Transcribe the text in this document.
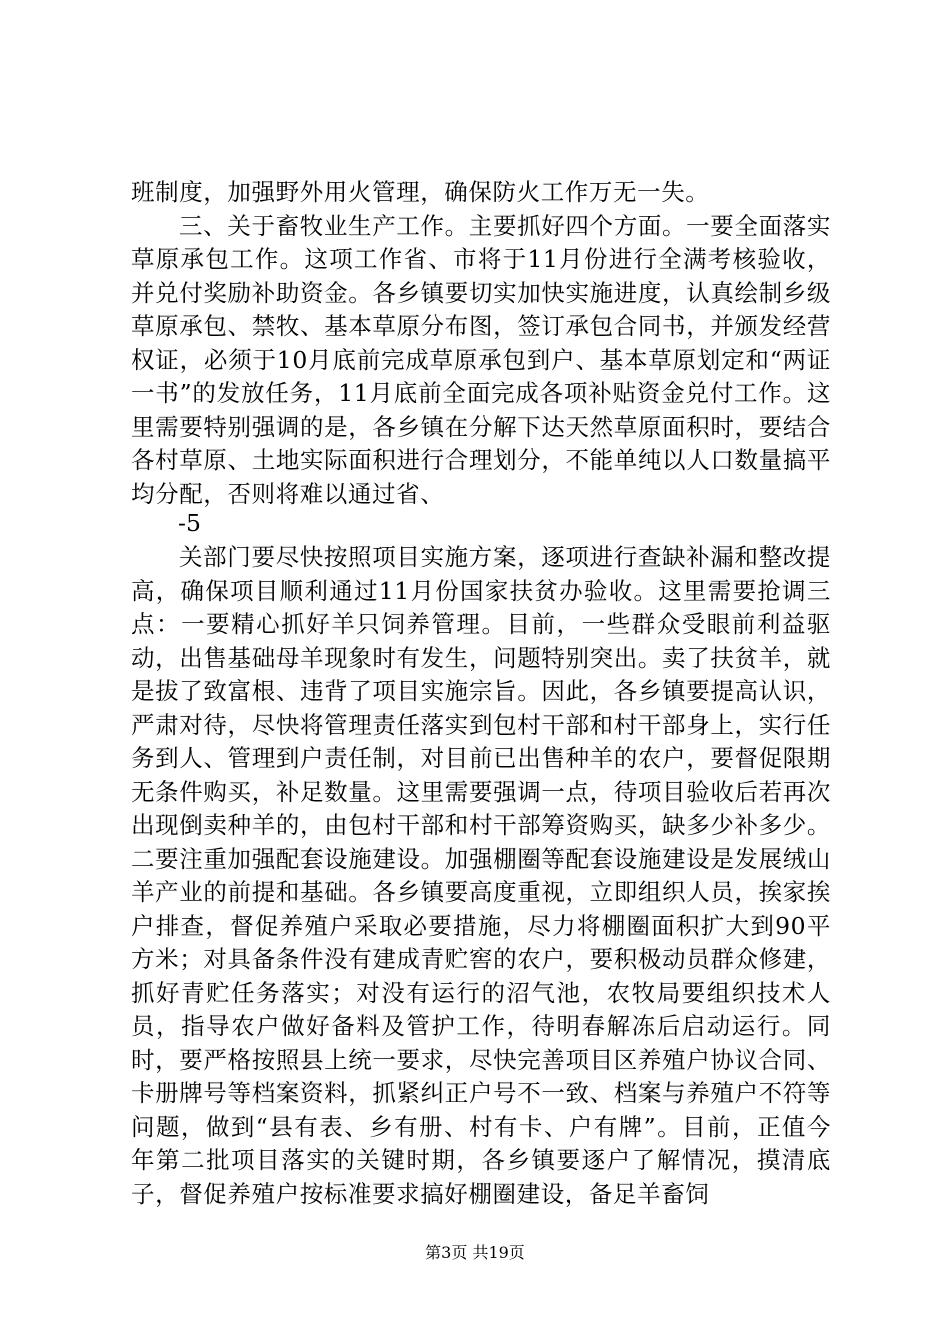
班制度，加强野外用火管理，确保防火工作万无一失。

三、关于畜牧业生产工作。主要抓好四个方面。一要全面落实草原承包工作。这项工作省、市将于11月份进行全满考核验收，并兑付奖励补助资金。各乡镇要切实加快实施进度，认真绘制乡级草原承包、禁牧、基本草原分布图，签订承包合同书，并颁发经营权证，必须于10月底前完成草原承包到户、基本草原划定和“两证一书”的发放任务，11月底前全面完成各项补贴资金兑付工作。这里需要特别强调的是，各乡镇在分解下达天然草原面积时，要结合各村草原、土地实际面积进行合理划分，不能单纯以人口数量搞平均分配，否则将难以通过省、

-5

关部门要尽快按照项目实施方案，逐项进行查缺补漏和整改提高，确保项目顺利通过11月份国家扶贫办验收。这里需要抢调三点：一要精心抓好羊只饲养管理。目前，一些群众受眼前利益驱动，出售基础母羊现象时有发生，问题特别突出。卖了扶贫羊，就是拔了致富根、违背了项目实施宗旨。因此，各乡镇要提高认识，严肃对待，尽快将管理责任落实到包村干部和村干部身上，实行任务到人、管理到户责任制，对目前已出售种羊的农户，要督促限期无条件购买，补足数量。这里需要强调一点，待项目验收后若再次出现倒卖种羊的，由包村干部和村干部筹资购买，缺多少补多少。二要注重加强配套设施建设。加强棚圈等配套设施建设是发展绒山羊产业的前提和基础。各乡镇要高度重视，立即组织人员，挨家挨户排查，督促养殖户采取必要措施，尽力将棚圈面积扩大到90平方米；对具备条件没有建成青贮窖的农户，要积极动员群众修建，抓好青贮任务落实；对没有运行的沼气池，农牧局要组织技术人员，指导农户做好备料及管护工作，待明春解冻后启动运行。同时，要严格按照县上统一要求，尽快完善项目区养殖户协议合同、卡册牌号等档案资料，抓紧纠正户号不一致、档案与养殖户不符等问题，做到“县有表、乡有册、村有卡、户有牌”。目前，正值今年第二批项目落实的关键时期，各乡镇要逐户了解情况，摸清底子，督促养殖户按标准要求搞好棚圈建设，备足羊畜饲

第3页 共19页
